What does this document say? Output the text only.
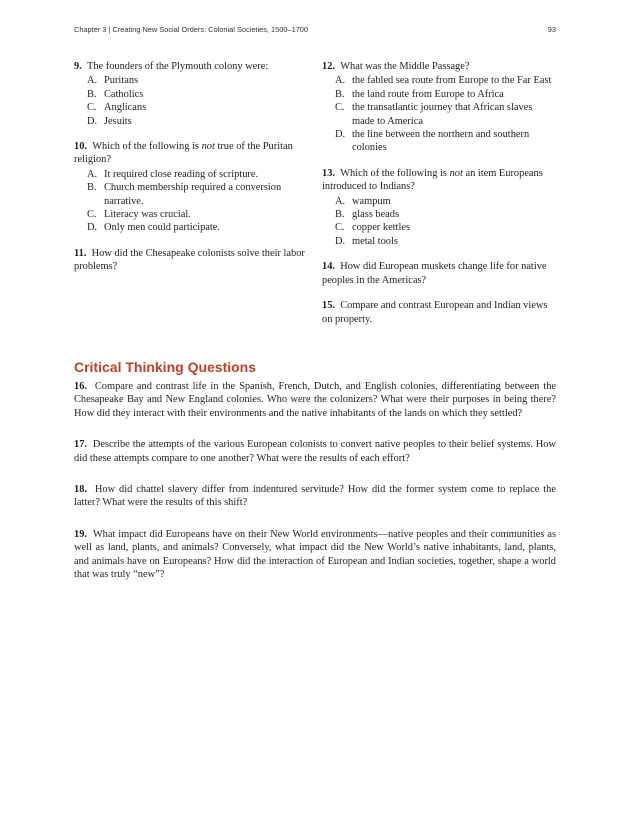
Chapter 3 | Creating New Social Orders: Colonial Societies, 1500–1700	93

9. The founders of the Plymouth colony were:

A. Puritans
B. Catholics
C. Anglicans
D. Jesuits

10. Which of the following is not true of the Puritan religion?

A. It required close reading of scripture.
B. Church membership required a conversion narrative.
C. Literacy was crucial.
D. Only men could participate.

11. How did the Chesapeake colonists solve their labor problems?

12. What was the Middle Passage?

A. the fabled sea route from Europe to the Far East
B. the land route from Europe to Africa
C. the transatlantic journey that African slaves made to America
D. the line between the northern and southern colonies

13. Which of the following is not an item Europeans introduced to Indians?

A. wampum
B. glass beads
C. copper kettles
D. metal tools

14. How did European muskets change life for native peoples in the Americas?

15. Compare and contrast European and Indian views on property.

Critical Thinking Questions

16. Compare and contrast life in the Spanish, French, Dutch, and English colonies, differentiating between the Chesapeake Bay and New England colonies. Who were the colonizers? What were their purposes in being there? How did they interact with their environments and the native inhabitants of the lands on which they settled?

17. Describe the attempts of the various European colonists to convert native peoples to their belief systems. How did these attempts compare to one another? What were the results of each effort?

18. How did chattel slavery differ from indentured servitude? How did the former system come to replace the latter? What were the results of this shift?

19. What impact did Europeans have on their New World environments—native peoples and their communities as well as land, plants, and animals? Conversely, what impact did the New World’s native inhabitants, land, plants, and animals have on Europeans? How did the interaction of European and Indian societies, together, shape a world that was truly “new”?
